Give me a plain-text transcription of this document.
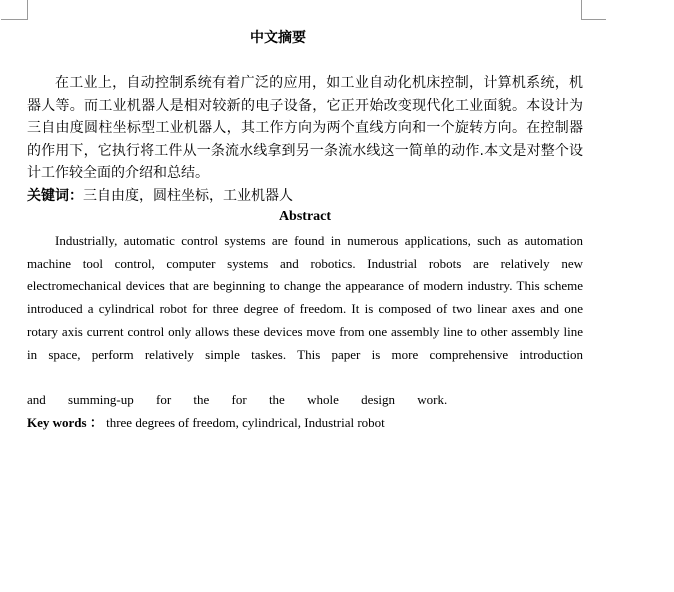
中文摘要

在工业上，自动控制系统有着广泛的应用，如工业自动化机床控制，计算机系统，机器人等。而工业机器人是相对较新的电子设备，它正开始改变现代化工业面貌。本设计为三自由度圆柱坐标型工业机器人，其工作方向为两个直线方向和一个旋转方向。在控制器的作用下，它执行将工件从一条流水线拿到另一条流水线这一简单的动作.本文是对整个设计工作较全面的介绍和总结。

关键词：三自由度，圆柱坐标，工业机器人
Abstract

Industrially, automatic control systems are found in numerous applications, such as automation machine tool control, computer systems and robotics. Industrial robots are relatively new electromechanical devices that are beginning to change the appearance of modern industry. This scheme introduced a cylindrical robot for three degree of freedom. It is composed of two linear axes and one rotary axis current control only allows these devices move from one assembly line to other assembly line in space, perform relatively simple taskes. This paper is more comprehensive introduction

and summing-up for the for the whole design work.
Key words ： three degrees of freedom, cylindrical, Industrial robot
